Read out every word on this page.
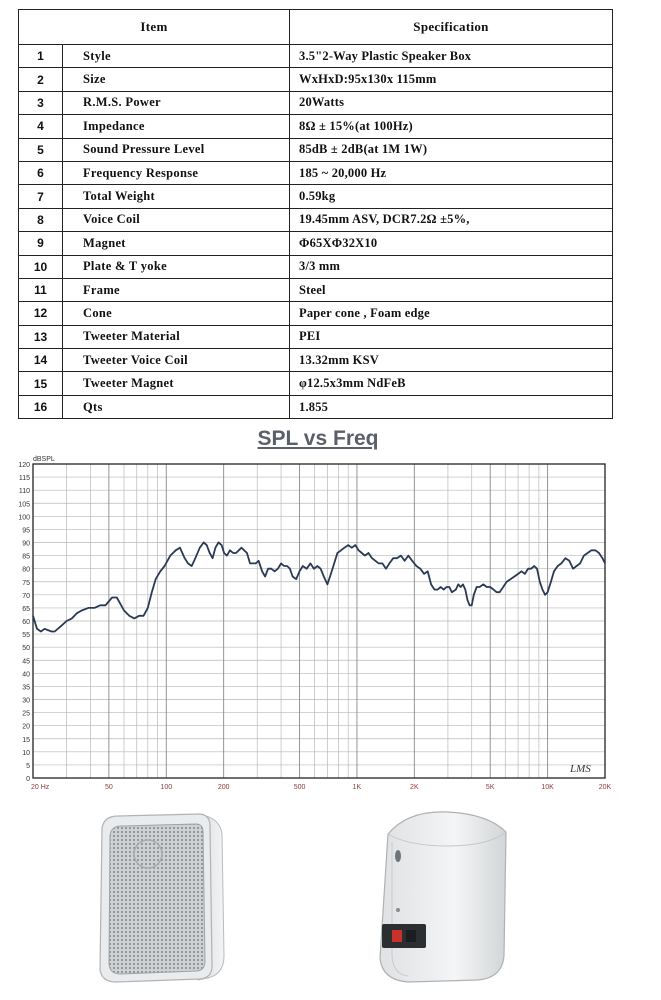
Item		Specification
1	Style	3.5"2-Way Plastic Speaker Box
2	Size	WxHxD:95x130x 115mm
3	R.M.S. Power	20Watts
4	Impedance	8Ω ± 15%(at 100Hz)
5	Sound Pressure Level	85dB ± 2dB(at 1M 1W)
6	Frequency Response	185 ~ 20,000 Hz
7	Total Weight	0.59kg
8	Voice Coil	19.45mm ASV, DCR7.2Ω ±5%,
9	Magnet	Φ65XΦ32X10
10	Plate & T yoke	3/3 mm
11	Frame	Steel
12	Cone	Paper cone , Foam edge
13	Tweeter Material	PEI
14	Tweeter Voice Coil	13.32mm KSV
15	Tweeter Magnet	φ12.5x3mm NdFeB
16	Qts	1.855
SPL vs Freq
0
5
10
15
20
25
30
35
40
45
50
55
60
65
70
75
80
85
90
95
100
105
110
115
120
dBSPL
20 Hz	50	100	200	500	1K	2K	5K	10K	20K
LMS
